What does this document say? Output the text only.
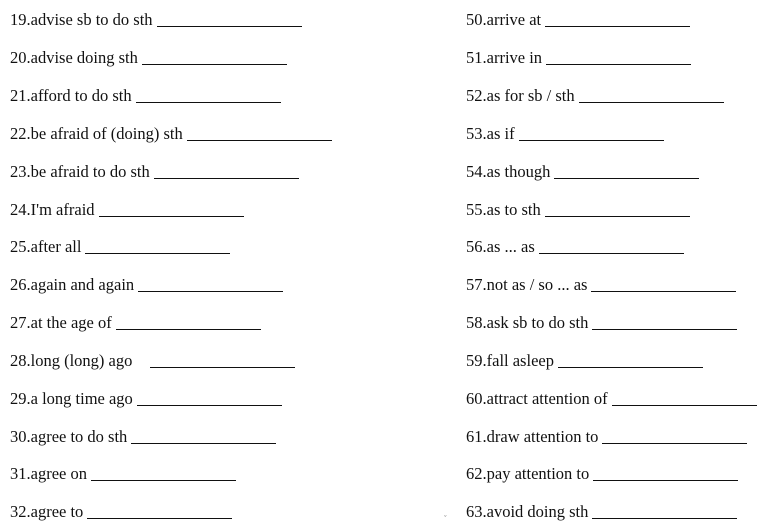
19.advise sb to do sth
20.advise doing sth
21.afford to do sth
22.be afraid of (doing) sth
23.be afraid to do sth
24.I'm afraid
25.after all
26.again and again
27.at the age of
28.long (long) ago
29.a long time ago
30.agree to do sth
31.agree on
32.agree to
50.arrive at
51.arrive in
52.as for sb / sth
53.as if
54.as though
55.as to sth
56.as ... as
57.not as / so ... as
58.ask sb to do sth
59.fall asleep
60.attract attention of
61.draw attention to
62.pay attention to
63.avoid doing sth
ˇ
